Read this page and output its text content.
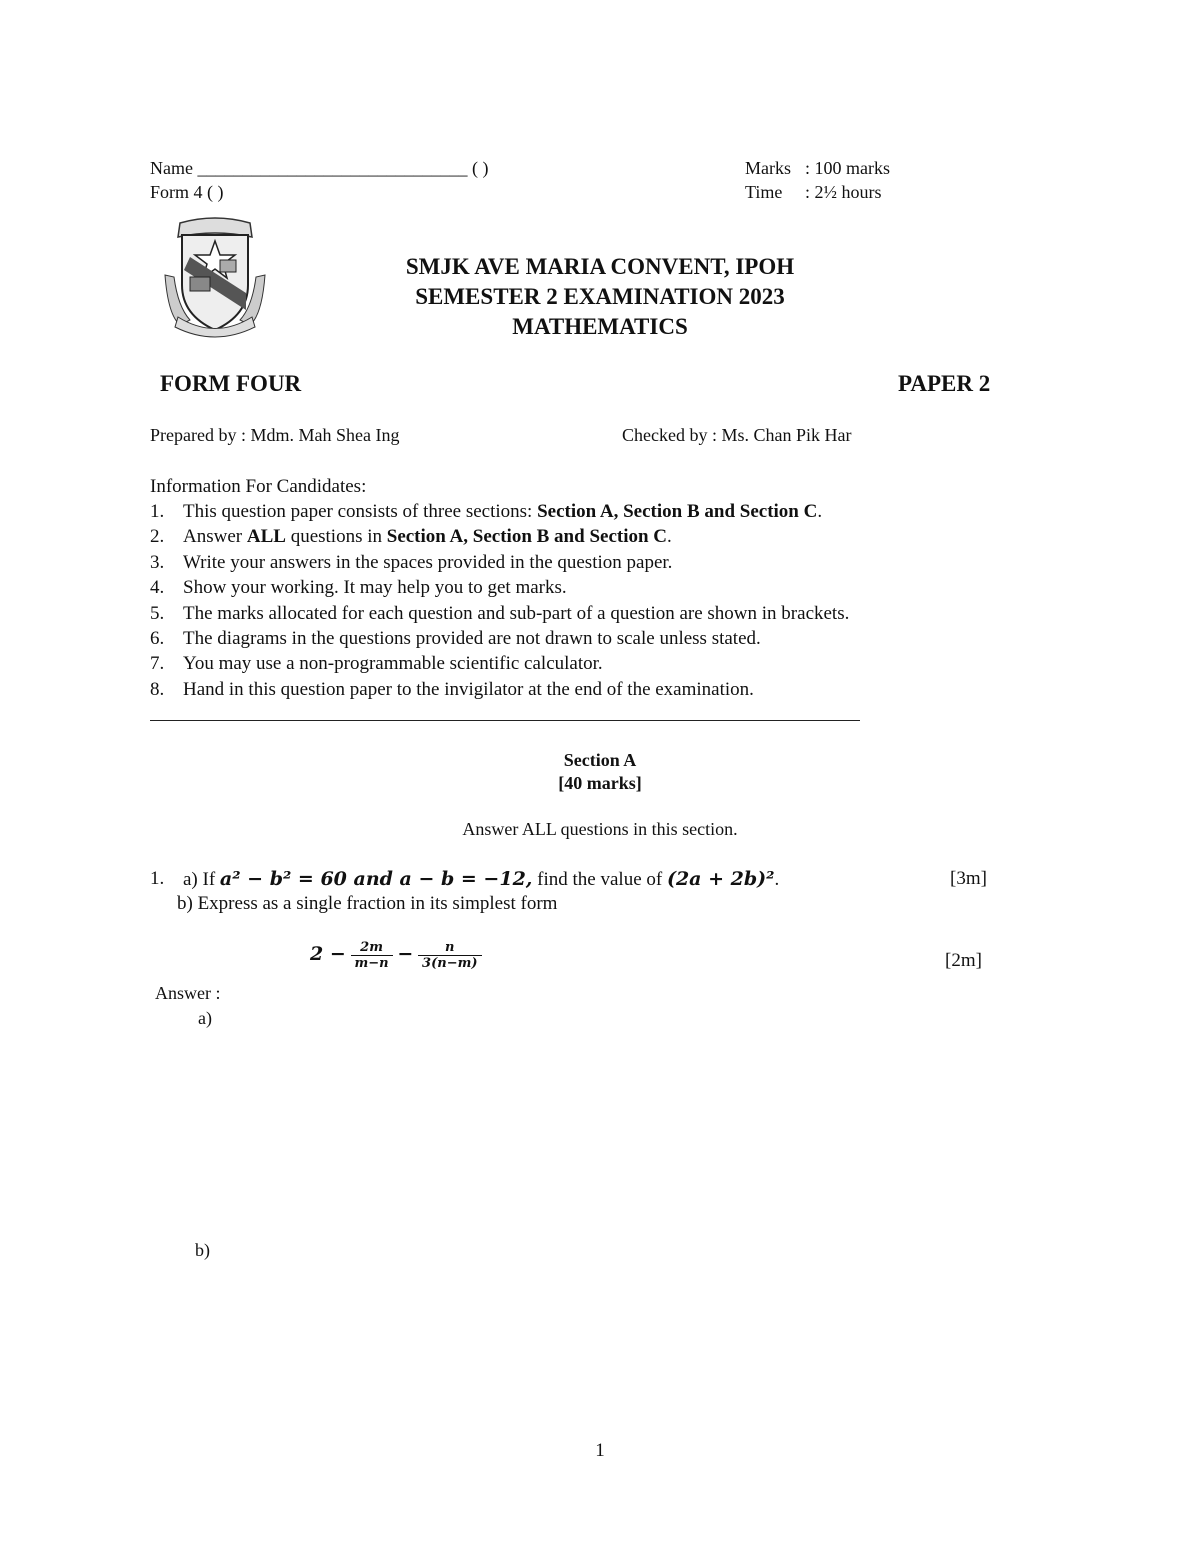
Name ______________________________ ( )
Form 4 ( )
Marks : 100 marks
Time : 2½ hours
SMJK AVE MARIA CONVENT, IPOH
SEMESTER 2 EXAMINATION 2023
MATHEMATICS
FORM FOUR	PAPER 2
Prepared by : Mdm. Mah Shea Ing	Checked by : Ms. Chan Pik Har
Information For Candidates:
1. This question paper consists of three sections: Section A, Section B and Section C.
2. Answer ALL questions in Section A, Section B and Section C.
3. Write your answers in the spaces provided in the question paper.
4. Show your working. It may help you to get marks.
5. The marks allocated for each question and sub-part of a question are shown in brackets.
6. The diagrams in the questions provided are not drawn to scale unless stated.
7. You may use a non-programmable scientific calculator.
8. Hand in this question paper to the invigilator at the end of the examination.
Section A
[40 marks]
Answer ALL questions in this section.
1. a) If a² − b² = 60 and a − b = −12, find the value of (2a + 2b)².	[3m]
b) Express as a single fraction in its simplest form
$2 - \frac{2m}{m-n} - \frac{n}{3(n-m)}$	[2m]
Answer :
a)
b)
1
